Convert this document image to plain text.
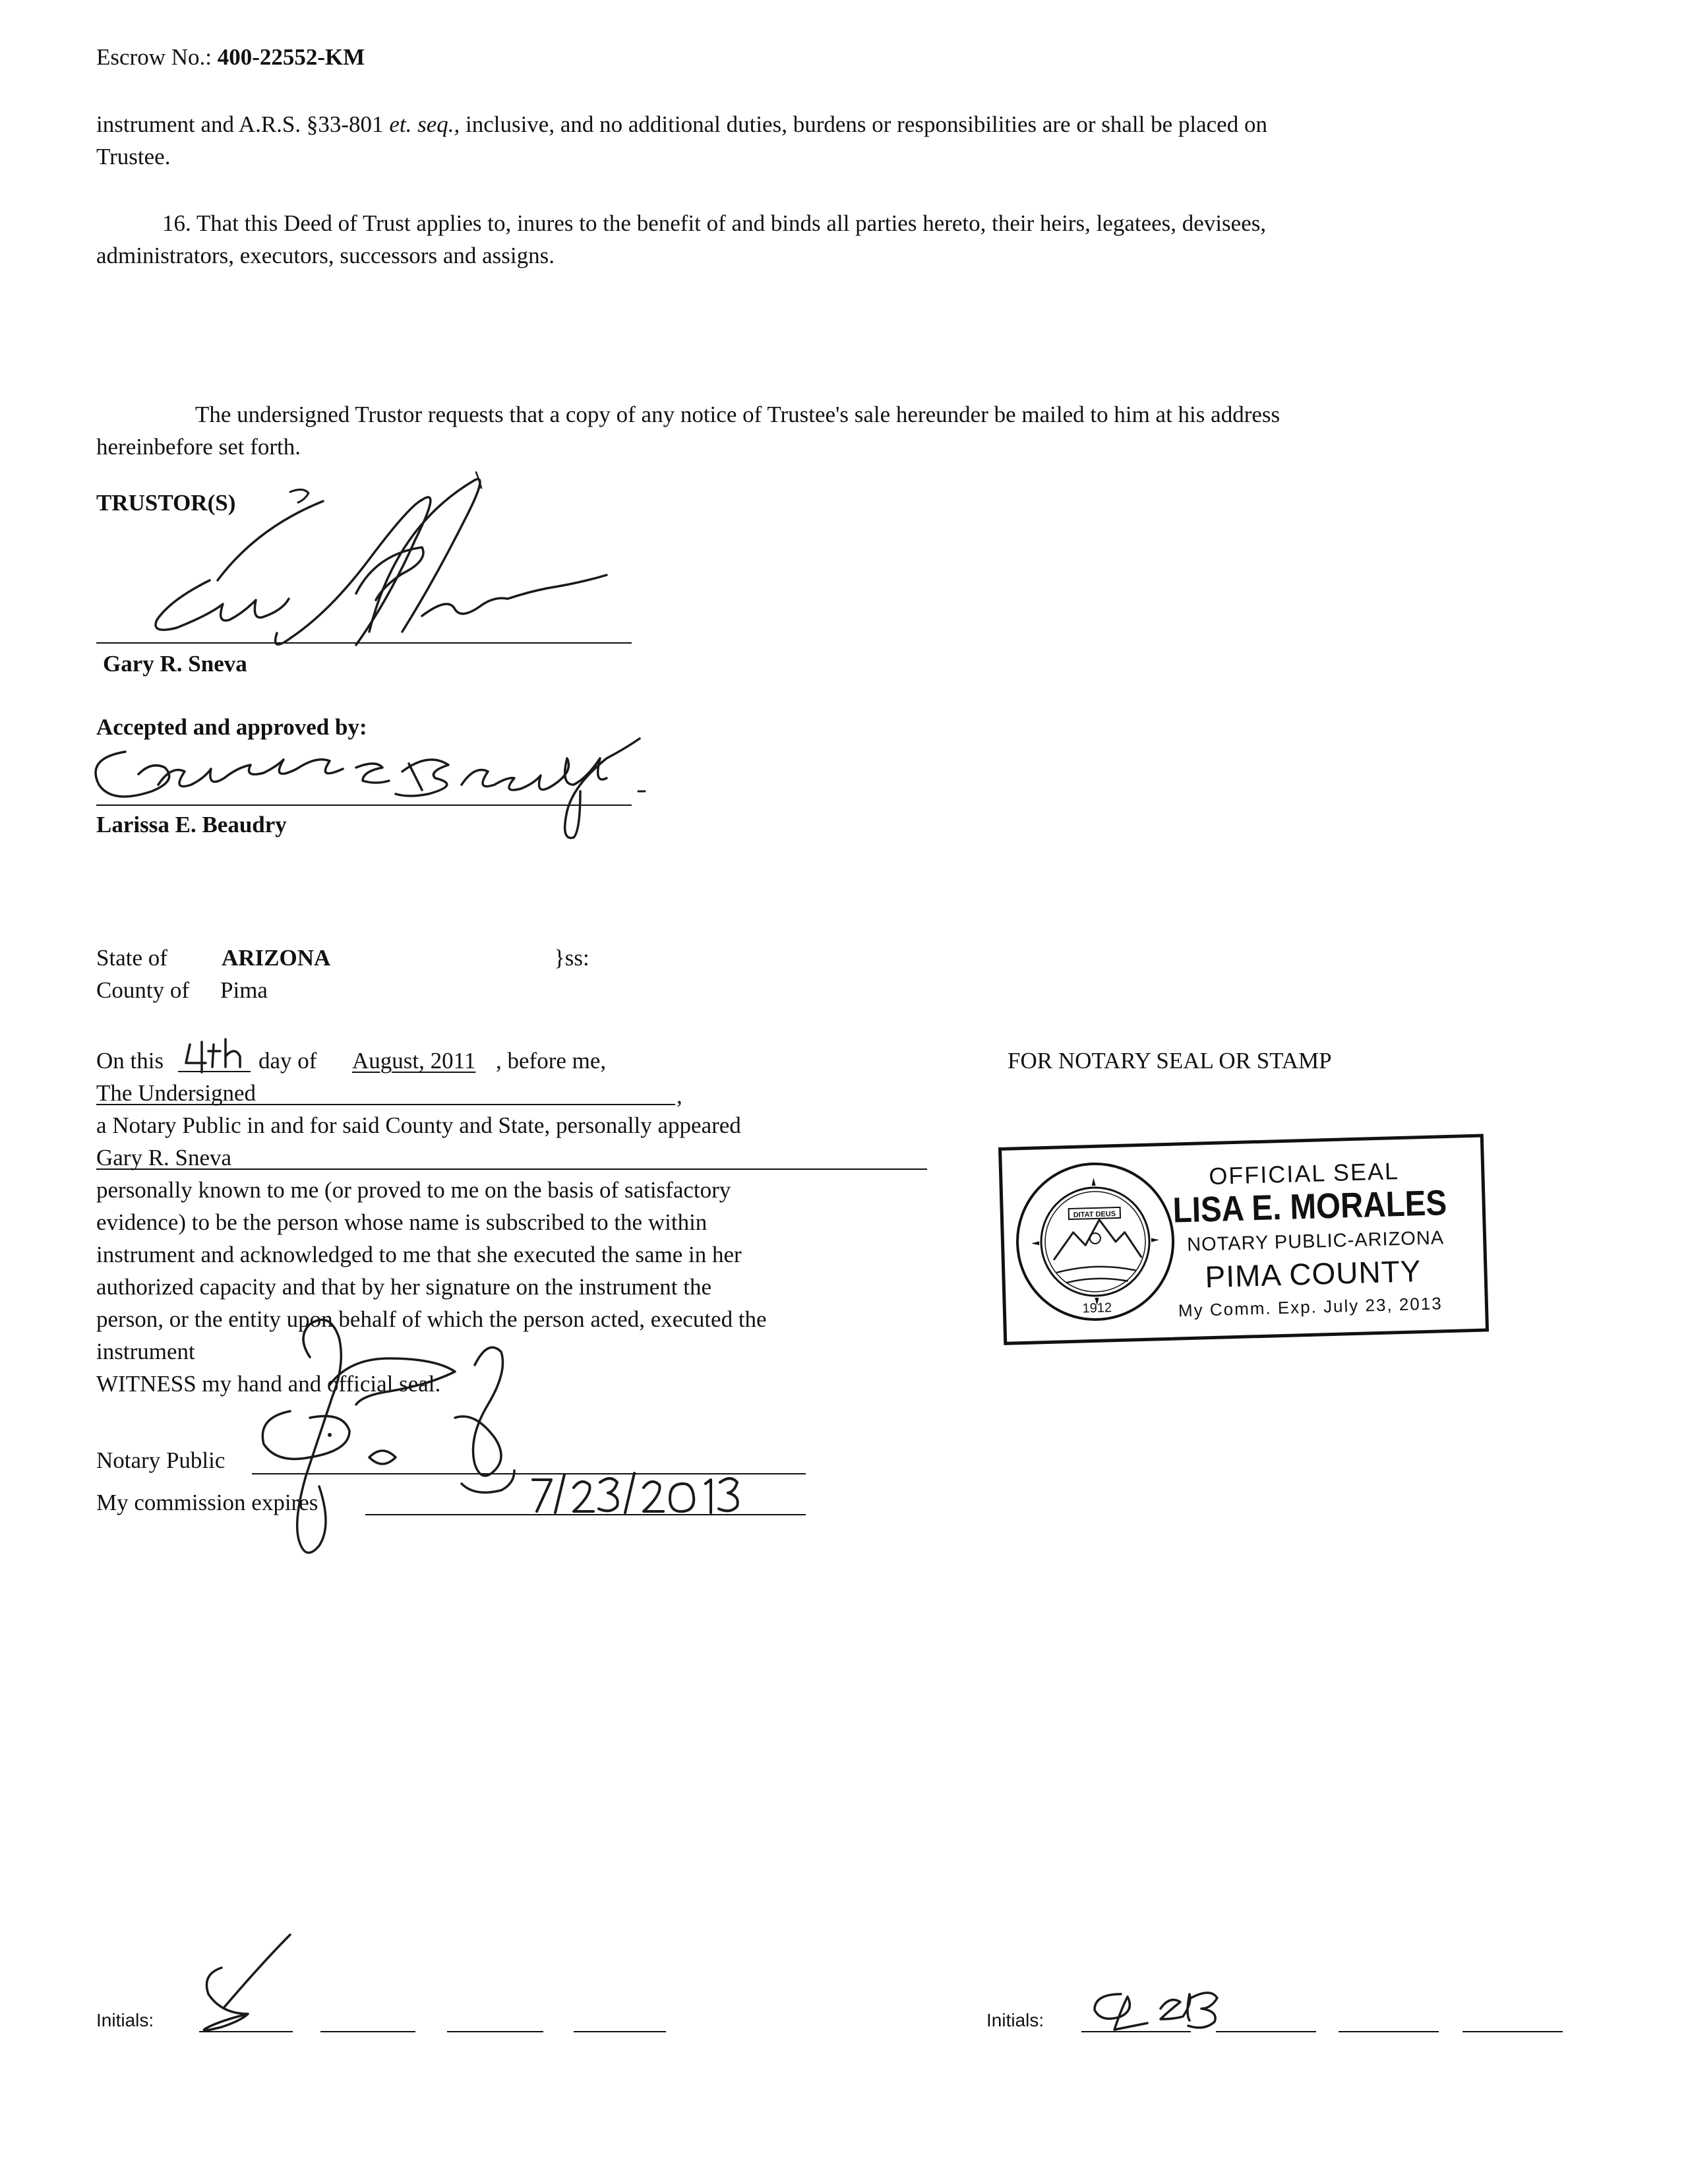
Escrow No.: 400-22552-KM
instrument and A.R.S. §33-801 et. seq., inclusive, and no additional duties, burdens or responsibilities are or shall be placed on
Trustee.
16. That this Deed of Trust applies to, inures to the benefit of and binds all parties hereto, their heirs, legatees, devisees,
administrators, executors, successors and assigns.
The undersigned Trustor requests that a copy of any notice of Trustee's sale hereunder be mailed to him at his address
hereinbefore set forth.
TRUSTOR(S)
Gary R. Sneva
Accepted and approved by:
Larissa E. Beaudry
State of ARIZONA	}ss:
County of Pima
On this	day of August, 2011 , before me,
The Undersigned	,
a Notary Public in and for said County and State, personally appeared
Gary R. Sneva
personally known to me (or proved to me on the basis of satisfactory
evidence) to be the person whose name is subscribed to the within
instrument and acknowledged to me that she executed the same in her
authorized capacity and that by her signature on the instrument the
person, or the entity upon behalf of which the person acted, executed the
instrument
WITNESS my hand and official seal.
Notary Public
My commission expires
FOR NOTARY SEAL OR STAMP
1912
DITAT DEUS
OFFICIAL SEAL
LISA E. MORALES
NOTARY PUBLIC-ARIZONA
PIMA COUNTY
My Comm. Exp. July 23, 2013
Initials:	Initials:
